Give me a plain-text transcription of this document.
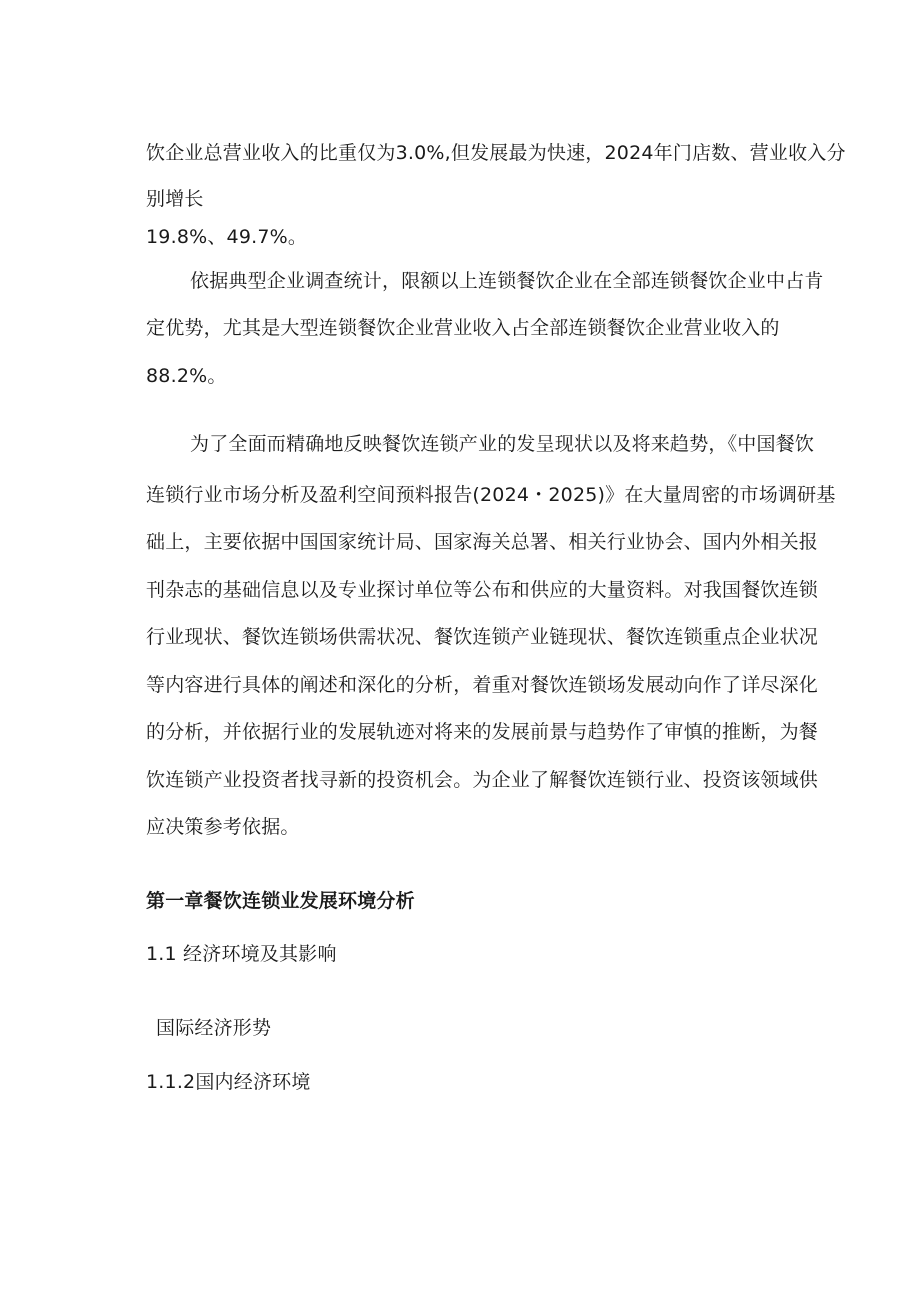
饮企业总营业收入的比重仅为3.0%,但发展最为快速，2024年门店数、营业收入分
别增长
19.8%、49.7%。
依据典型企业调查统计，限额以上连锁餐饮企业在全部连锁餐饮企业中占肯
定优势，尤其是大型连锁餐饮企业营业收入占全部连锁餐饮企业营业收入的
88.2%。
为了全面而精确地反映餐饮连锁产业的发呈现状以及将来趋势，《中国餐饮
连锁行业市场分析及盈利空间预料报告(2024・2025)》在大量周密的市场调研基
础上，主要依据中国国家统计局、国家海关总署、相关行业协会、国内外相关报
刊杂志的基础信息以及专业探讨单位等公布和供应的大量资料。对我国餐饮连锁
行业现状、餐饮连锁场供需状况、餐饮连锁产业链现状、餐饮连锁重点企业状况
等内容进行具体的阐述和深化的分析，着重对餐饮连锁场发展动向作了详尽深化
的分析，并依据行业的发展轨迹对将来的发展前景与趋势作了审慎的推断，为餐
饮连锁产业投资者找寻新的投资机会。为企业了解餐饮连锁行业、投资该领域供
应决策参考依据。
第一章餐饮连锁业发展环境分析
1.1 经济环境及其影响
国际经济形势
1.1.2国内经济环境
